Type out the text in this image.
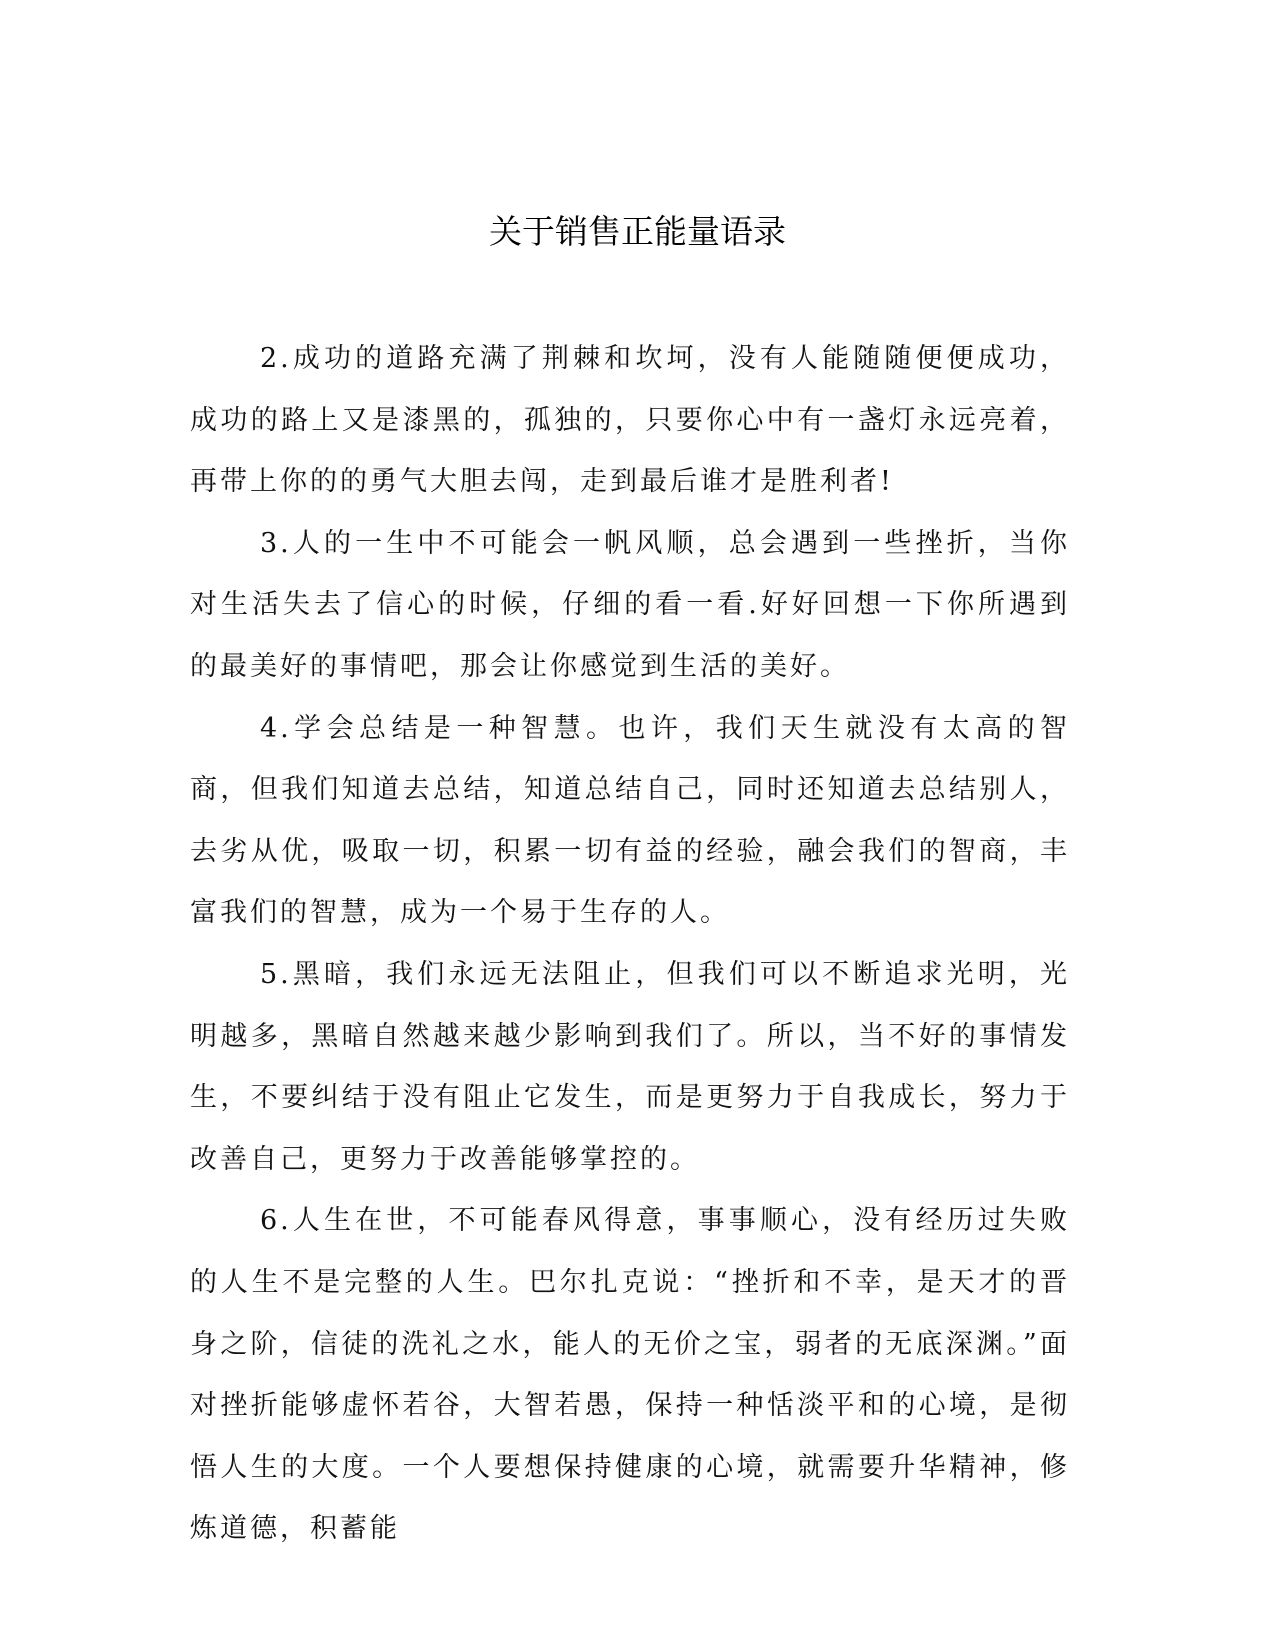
关于销售正能量语录

2.成功的道路充满了荆棘和坎坷，没有人能随随便便成功，成功的路上又是漆黑的，孤独的，只要你心中有一盏灯永远亮着，再带上你的的勇气大胆去闯，走到最后谁才是胜利者!

3.人的一生中不可能会一帆风顺，总会遇到一些挫折，当你对生活失去了信心的时候，仔细的看一看.好好回想一下你所遇到的最美好的事情吧，那会让你感觉到生活的美好。

4.学会总结是一种智慧。也许，我们天生就没有太高的智商，但我们知道去总结，知道总结自己，同时还知道去总结别人，去劣从优，吸取一切，积累一切有益的经验，融会我们的智商，丰富我们的智慧，成为一个易于生存的人。

5.黑暗，我们永远无法阻止，但我们可以不断追求光明，光明越多，黑暗自然越来越少影响到我们了。所以，当不好的事情发生，不要纠结于没有阻止它发生，而是更努力于自我成长，努力于改善自己，更努力于改善能够掌控的。

6.人生在世，不可能春风得意，事事顺心，没有经历过失败的人生不是完整的人生。巴尔扎克说：“挫折和不幸，是天才的晋身之阶，信徒的洗礼之水，能人的无价之宝，弱者的无底深渊。”面对挫折能够虚怀若谷，大智若愚，保持一种恬淡平和的心境，是彻悟人生的大度。一个人要想保持健康的心境，就需要升华精神，修炼道德，积蓄能
